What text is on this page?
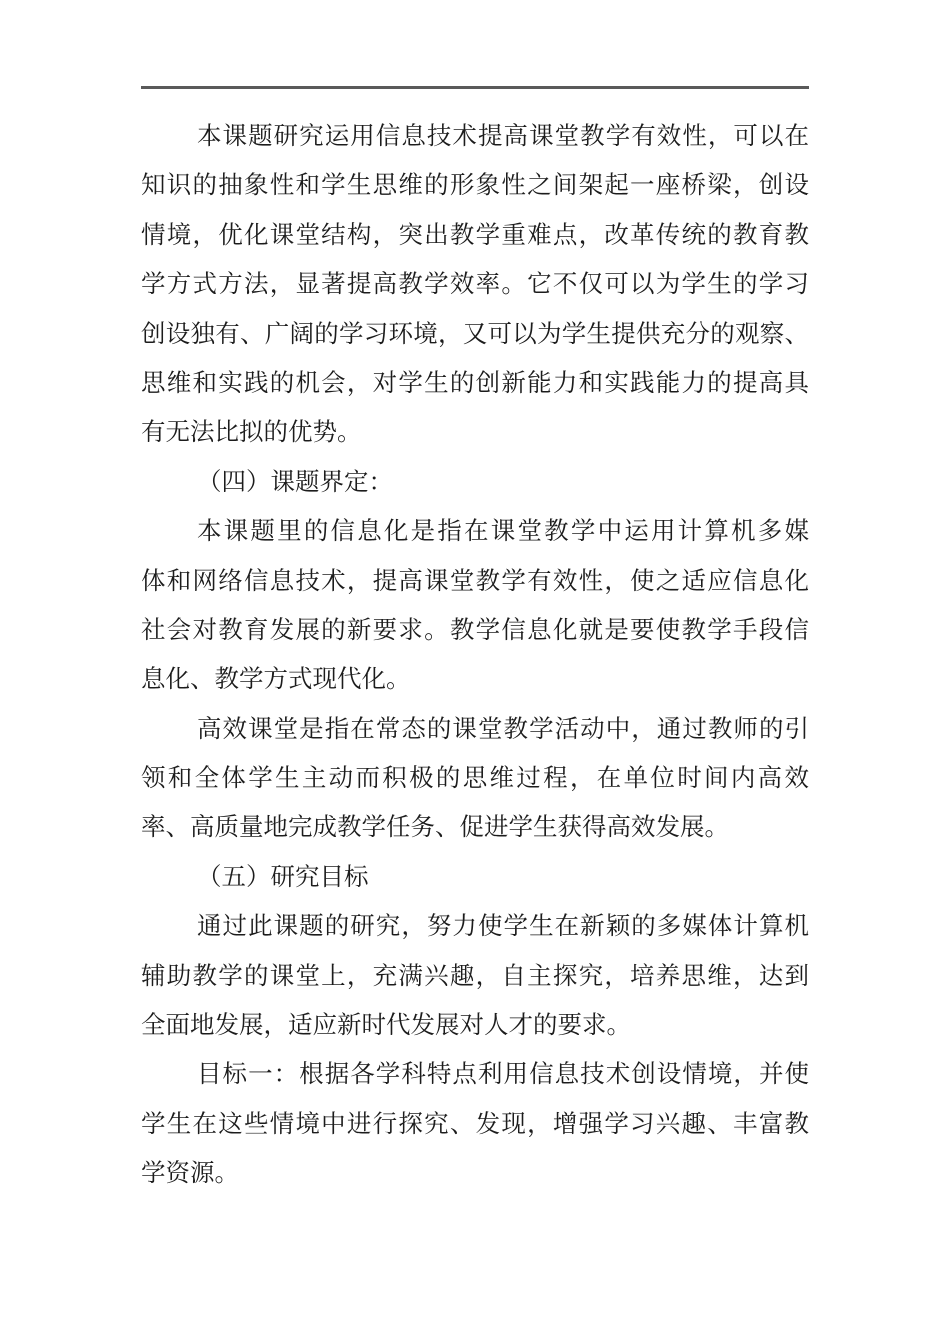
本课题研究运用信息技术提高课堂教学有效性，可以在
知识的抽象性和学生思维的形象性之间架起一座桥梁，创设
情境，优化课堂结构，突出教学重难点，改革传统的教育教
学方式方法，显著提高教学效率。它不仅可以为学生的学习
创设独有、广阔的学习环境，又可以为学生提供充分的观察、
思维和实践的机会，对学生的创新能力和实践能力的提高具
有无法比拟的优势。
（四）课题界定：
本课题里的信息化是指在课堂教学中运用计算机多媒
体和网络信息技术，提高课堂教学有效性，使之适应信息化
社会对教育发展的新要求。教学信息化就是要使教学手段信
息化、教学方式现代化。
高效课堂是指在常态的课堂教学活动中，通过教师的引
领和全体学生主动而积极的思维过程，在单位时间内高效
率、高质量地完成教学任务、促进学生获得高效发展。
（五）研究目标
通过此课题的研究，努力使学生在新颖的多媒体计算机
辅助教学的课堂上，充满兴趣，自主探究，培养思维，达到
全面地发展，适应新时代发展对人才的要求。
目标一：根据各学科特点利用信息技术创设情境，并使
学生在这些情境中进行探究、发现，增强学习兴趣、丰富教
学资源。
